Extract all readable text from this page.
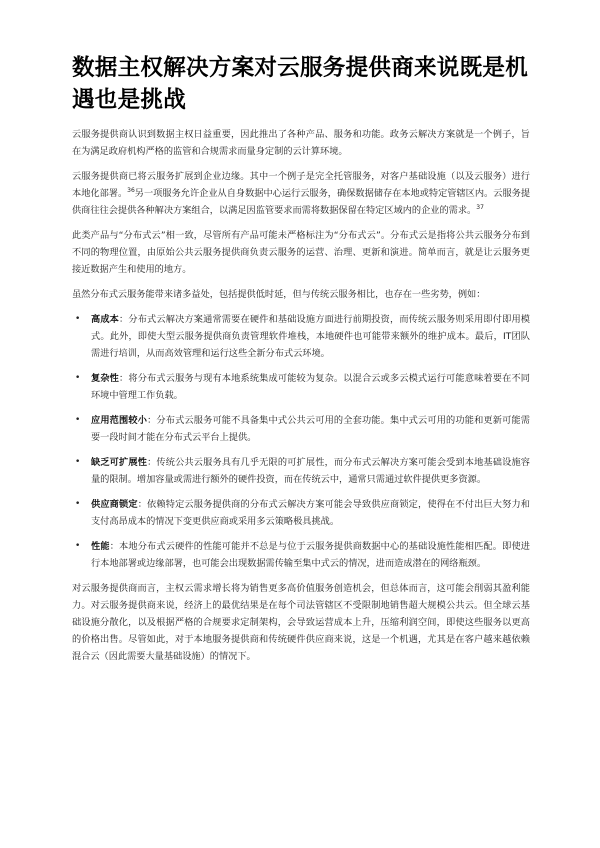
数据主权解决方案对云服务提供商来说既是机遇也是挑战

云服务提供商认识到数据主权日益重要，因此推出了各种产品、服务和功能。政务云解决方案就是一个例子，旨在为满足政府机构严格的监管和合规需求而量身定制的云计算环境。

云服务提供商已将云服务扩展到企业边缘。其中一个例子是完全托管服务，对客户基础设施（以及云服务）进行本地化部署。$^{36}$另一项服务允许企业从自身数据中心运行云服务，确保数据储存在本地或特定管辖区内。云服务提供商往往会提供各种解决方案组合，以满足因监管要求而需将数据保留在特定区域内的企业的需求。$^{37}$

此类产品与“分布式云”相一致，尽管所有产品可能未严格标注为“分布式云”。分布式云是指将公共云服务分布到不同的物理位置，由原始公共云服务提供商负责云服务的运营、治理、更新和演进。简单而言，就是让云服务更接近数据产生和使用的地方。

虽然分布式云服务能带来诸多益处，包括提供低时延，但与传统云服务相比，也存在一些劣势，例如：

• 高成本：分布式云解决方案通常需要在硬件和基础设施方面进行前期投资，而传统云服务则采用即付即用模式。此外，即使大型云服务提供商负责管理软件堆栈，本地硬件也可能带来额外的维护成本。最后，IT团队需进行培训，从而高效管理和运行这些全新分布式云环境。
• 复杂性：将分布式云服务与现有本地系统集成可能较为复杂。以混合云或多云模式运行可能意味着要在不同环境中管理工作负载。
• 应用范围较小：分布式云服务可能不具备集中式公共云可用的全套功能。集中式云可用的功能和更新可能需要一段时间才能在分布式云平台上提供。
• 缺乏可扩展性：传统公共云服务具有几乎无限的可扩展性，而分布式云解决方案可能会受到本地基础设施容量的限制。增加容量或需进行额外的硬件投资，而在传统云中，通常只需通过软件提供更多资源。
• 供应商锁定：依赖特定云服务提供商的分布式云解决方案可能会导致供应商锁定，使得在不付出巨大努力和支付高昂成本的情况下变更供应商或采用多云策略极具挑战。
• 性能：本地分布式云硬件的性能可能并不总是与位于云服务提供商数据中心的基础设施性能相匹配。即使进行本地部署或边缘部署，也可能会出现数据需传输至集中式云的情况，进而造成潜在的网络瓶颈。

对云服务提供商而言，主权云需求增长将为销售更多高价值服务创造机会，但总体而言，这可能会削弱其盈利能力。对云服务提供商来说，经济上的最优结果是在每个司法管辖区不受限制地销售超大规模公共云。但全球云基础设施分散化，以及根据严格的合规要求定制架构，会导致运营成本上升，压缩利润空间，即使这些服务以更高的价格出售。尽管如此，对于本地服务提供商和传统硬件供应商来说，这是一个机遇，尤其是在客户越来越依赖混合云（因此需要大量基础设施）的情况下。
